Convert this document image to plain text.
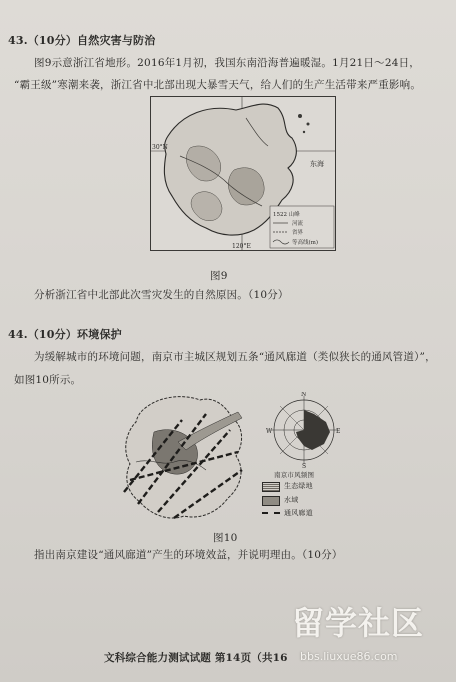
43.（10分）自然灾害与防治
图9示意浙江省地形。2016年1月初，我国东南沿海普遍暖湿。1月21日～24日，
“霸王级”寒潮来袭，浙江省中北部出现大暴雪天气，给人们的生产生活带来严重影响。
30°N
120°E
东海
1522 山峰
河流
省界
等高线(m)
图9
分析浙江省中北部此次雪灾发生的自然原因。（10分）
44.（10分）环境保护
为缓解城市的环境问题，南京市主城区规划五条“通风廊道（类似狭长的通风管道）”，
如图10所示。
N
E
S
W
南京市风频图
生态绿地
水域
通风廊道
图10
指出南京建设“通风廊道”产生的环境效益，并说明理由。（10分）
文科综合能力测试试题 第14页（共16
留学社区
bbs.liuxue86.com
